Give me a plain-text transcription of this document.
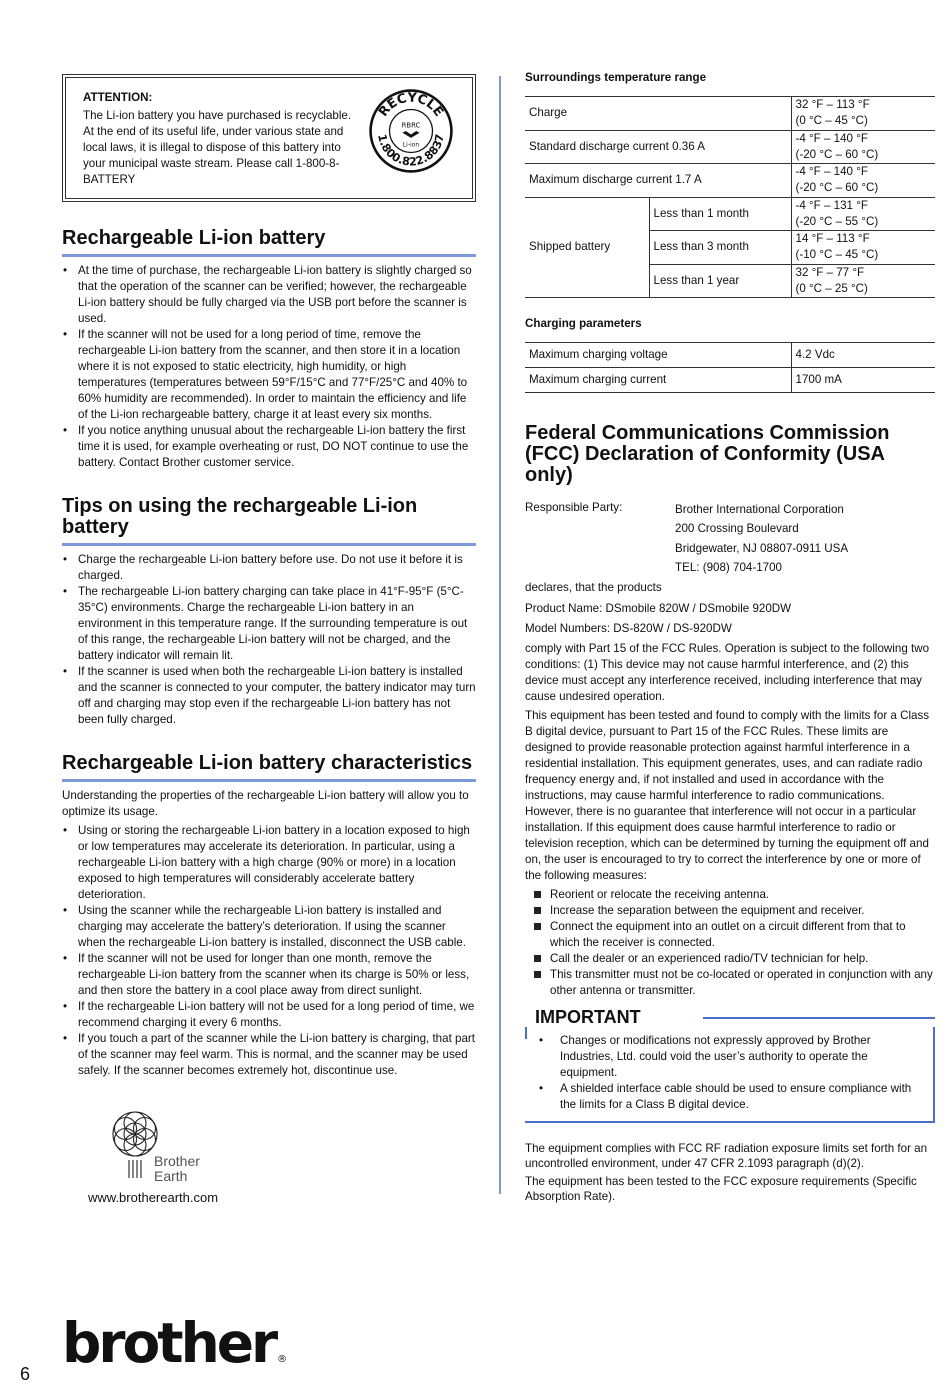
ATTENTION:
The Li-ion battery you have purchased is recyclable. At the end of its useful life, under various state and local laws, it is illegal to dispose of this battery into your municipal waste stream. Please call 1-800-8-BATTERY
RECYCLE
1.800.822.8837
RBRC
Li-ion
Rechargeable Li-ion battery
• At the time of purchase, the rechargeable Li-ion battery is slightly charged so that the operation of the scanner can be verified; however, the rechargeable Li-ion battery should be fully charged via the USB port before the scanner is used.
• If the scanner will not be used for a long period of time, remove the rechargeable Li-ion battery from the scanner, and then store it in a location where it is not exposed to static electricity, high humidity, or high temperatures (temperatures between 59°F/15°C and 77°F/25°C and 40% to 60% humidity are recommended). In order to maintain the efficiency and life of the Li-ion rechargeable battery, charge it at least every six months.
• If you notice anything unusual about the rechargeable Li-ion battery the first time it is used, for example overheating or rust, DO NOT continue to use the battery. Contact Brother customer service.
Tips on using the rechargeable Li-ion battery
• Charge the rechargeable Li-ion battery before use. Do not use it before it is charged.
• The rechargeable Li-ion battery charging can take place in 41°F-95°F (5°C-35°C) environments. Charge the rechargeable Li-ion battery in an environment in this temperature range. If the surrounding temperature is out of this range, the rechargeable Li-ion battery will not be charged, and the battery indicator will remain lit.
• If the scanner is used when both the rechargeable Li-ion battery is installed and the scanner is connected to your computer, the battery indicator may turn off and charging may stop even if the rechargeable Li-ion battery has not been fully charged.
Rechargeable Li-ion battery characteristics
Understanding the properties of the rechargeable Li-ion battery will allow you to optimize its usage.
• Using or storing the rechargeable Li-ion battery in a location exposed to high or low temperatures may accelerate its deterioration. In particular, using a rechargeable Li-ion battery with a high charge (90% or more) in a location exposed to high temperatures will considerably accelerate battery deterioration.
• Using the scanner while the rechargeable Li-ion battery is installed and charging may accelerate the battery’s deterioration. If using the scanner when the rechargeable Li-ion battery is installed, disconnect the USB cable.
• If the scanner will not be used for longer than one month, remove the rechargeable Li-ion battery from the scanner when its charge is 50% or less, and then store the battery in a cool place away from direct sunlight.
• If the rechargeable Li-ion battery will not be used for a long period of time, we recommend charging it every 6 months.
• If you touch a part of the scanner while the Li-ion battery is charging, that part of the scanner may feel warm. This is normal, and the scanner may be used safely. If the scanner becomes extremely hot, discontinue use.
Brother
Earth
www.brotherearth.com
brother ®
6
Surroundings temperature range
Charge		32 °F – 113 °F
(0 °C – 45 °C)

Standard discharge current 0.36 A		-4 °F – 140 °F
(-20 °C – 60 °C)

Maximum discharge current 1.7 A		-4 °F – 140 °F
(-20 °C – 60 °C)

Shipped battery	Less than 1 month	-4 °F – 131 °F
(-20 °C – 55 °C)

	Less than 3 month	14 °F – 113 °F
(-10 °C – 45 °C)

	Less than 1 year	32 °F – 77 °F
(0 °C – 25 °C)
Charging parameters
Maximum charging voltage	4.2 Vdc
Maximum charging current	1700 mA
Federal Communications Commission (FCC) Declaration of Conformity (USA only)
Responsible Party:	Brother International Corporation
200 Crossing Boulevard
Bridgewater, NJ 08807-0911 USA
TEL: (908) 704-1700

declares, that the products

Product Name: DSmobile 820W / DSmobile 920DW

Model Numbers: DS-820W / DS-920DW

comply with Part 15 of the FCC Rules. Operation is subject to the following two conditions: (1) This device may not cause harmful interference, and (2) this device must accept any interference received, including interference that may cause undesired operation.

This equipment has been tested and found to comply with the limits for a Class B digital device, pursuant to Part 15 of the FCC Rules. These limits are designed to provide reasonable protection against harmful interference in a residential installation. This equipment generates, uses, and can radiate radio frequency energy and, if not installed and used in accordance with the instructions, may cause harmful interference to radio communications. However, there is no guarantee that interference will not occur in a particular installation. If this equipment does cause harmful interference to radio or television reception, which can be determined by turning the equipment off and on, the user is encouraged to try to correct the interference by one or more of the following measures:

Reorient or relocate the receiving antenna.
Increase the separation between the equipment and receiver.
Connect the equipment into an outlet on a circuit different from that to which the receiver is connected.
Call the dealer or an experienced radio/TV technician for help.
This transmitter must not be co-located or operated in conjunction with any other antenna or transmitter.
IMPORTANT
• Changes or modifications not expressly approved by Brother Industries, Ltd. could void the user’s authority to operate the equipment.
• A shielded interface cable should be used to ensure compliance with the limits for a Class B digital device.

The equipment complies with FCC RF radiation exposure limits set forth for an uncontrolled environment, under 47 CFR 2.1093 paragraph (d)(2).

The equipment has been tested to the FCC exposure requirements (Specific Absorption Rate).
